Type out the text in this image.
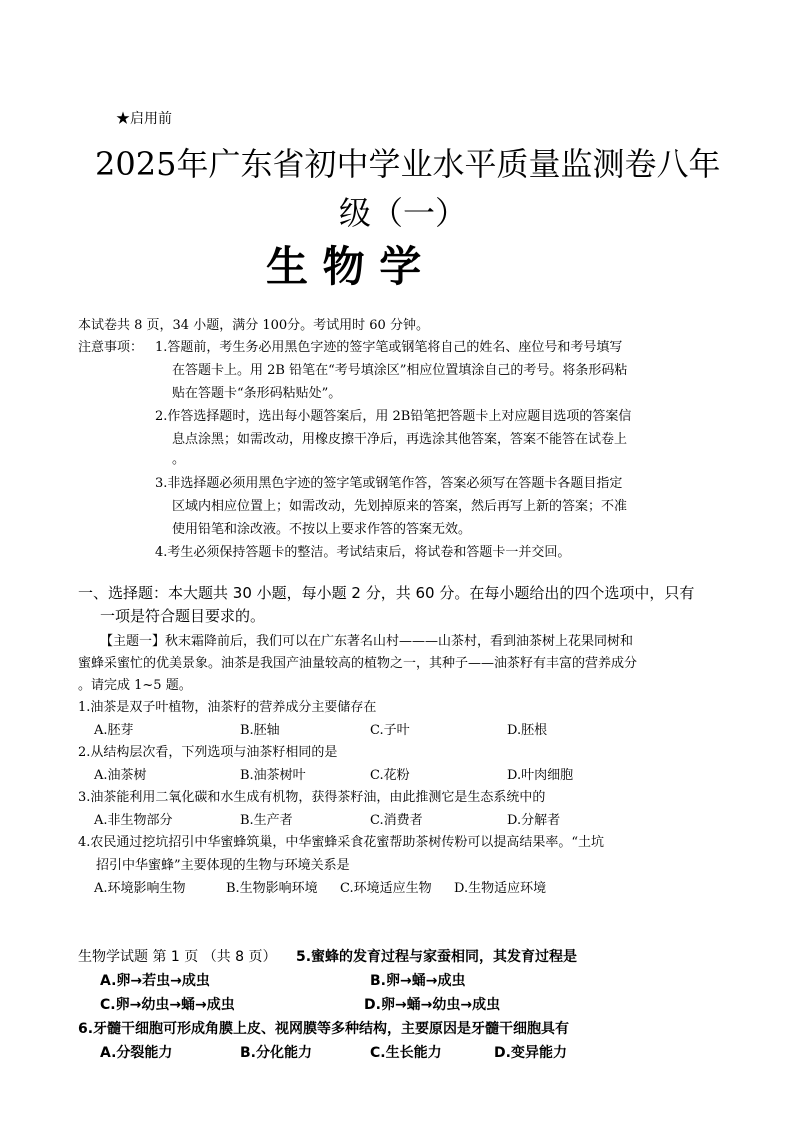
★启用前
2025年广东省初中学业水平质量监测卷八年
级（一）
生 物 学
本试卷共 8 页，34 小题，满分 100分。考试用时 60 分钟。
注意事项： 1.答题前，考生务必用黑色字迹的签字笔或钢笔将自己的姓名、座位号和考号填写
在答题卡上。用 2B 铅笔在“考号填涂区”相应位置填涂自己的考号。将条形码粘
贴在答题卡“条形码粘贴处”。
2.作答选择题时，选出每小题答案后，用 2B铅笔把答题卡上对应题目选项的答案信
息点涂黑；如需改动，用橡皮擦干净后，再选涂其他答案，答案不能答在试卷上
。
3.非选择题必须用黑色字迹的签字笔或钢笔作答，答案必须写在答题卡各题目指定
区域内相应位置上；如需改动，先划掉原来的答案，然后再写上新的答案；不准
使用铅笔和涂改液。不按以上要求作答的答案无效。
4.考生必须保持答题卡的整洁。考试结束后，将试卷和答题卡一并交回。
一、选择题：本大题共 30 小题，每小题 2 分，共 60 分。在每小题给出的四个选项中，只有
一项是符合题目要求的。
【主题一】秋末霜降前后，我们可以在广东著名山村———山茶村，看到油茶树上花果同树和
蜜蜂采蜜忙的优美景象。油茶是我国产油量较高的植物之一，其种子——油茶籽有丰富的营养成分
。请完成 1~5 题。
1.油茶是双子叶植物，油茶籽的营养成分主要储存在
A.胚芽	B.胚轴	C.子叶	D.胚根
2.从结构层次看，下列选项与油茶籽相同的是
A.油茶树	B.油茶树叶	C.花粉	D.叶肉细胞
3.油茶能利用二氧化碳和水生成有机物，获得茶籽油，由此推测它是生态系统中的
A.非生物部分	B.生产者	C.消费者	D.分解者
4.农民通过挖坑招引中华蜜蜂筑巢，中华蜜蜂采食花蜜帮助茶树传粉可以提高结果率。“土坑
招引中华蜜蜂”主要体现的生物与环境关系是
A.环境影响生物	B.生物影响环境 C.环境适应生物 D.生物适应环境
生物学试题 第 1 页 （共 8 页） 5.蜜蜂的发育过程与家蚕相同，其发育过程是
A.卵→若虫→成虫	B.卵→蛹→成虫
C.卵→幼虫→蛹→成虫	D.卵→蛹→幼虫→成虫
6.牙髓干细胞可形成角膜上皮、视网膜等多种结构，主要原因是牙髓干细胞具有
A.分裂能力	B.分化能力	C.生长能力	D.变异能力
